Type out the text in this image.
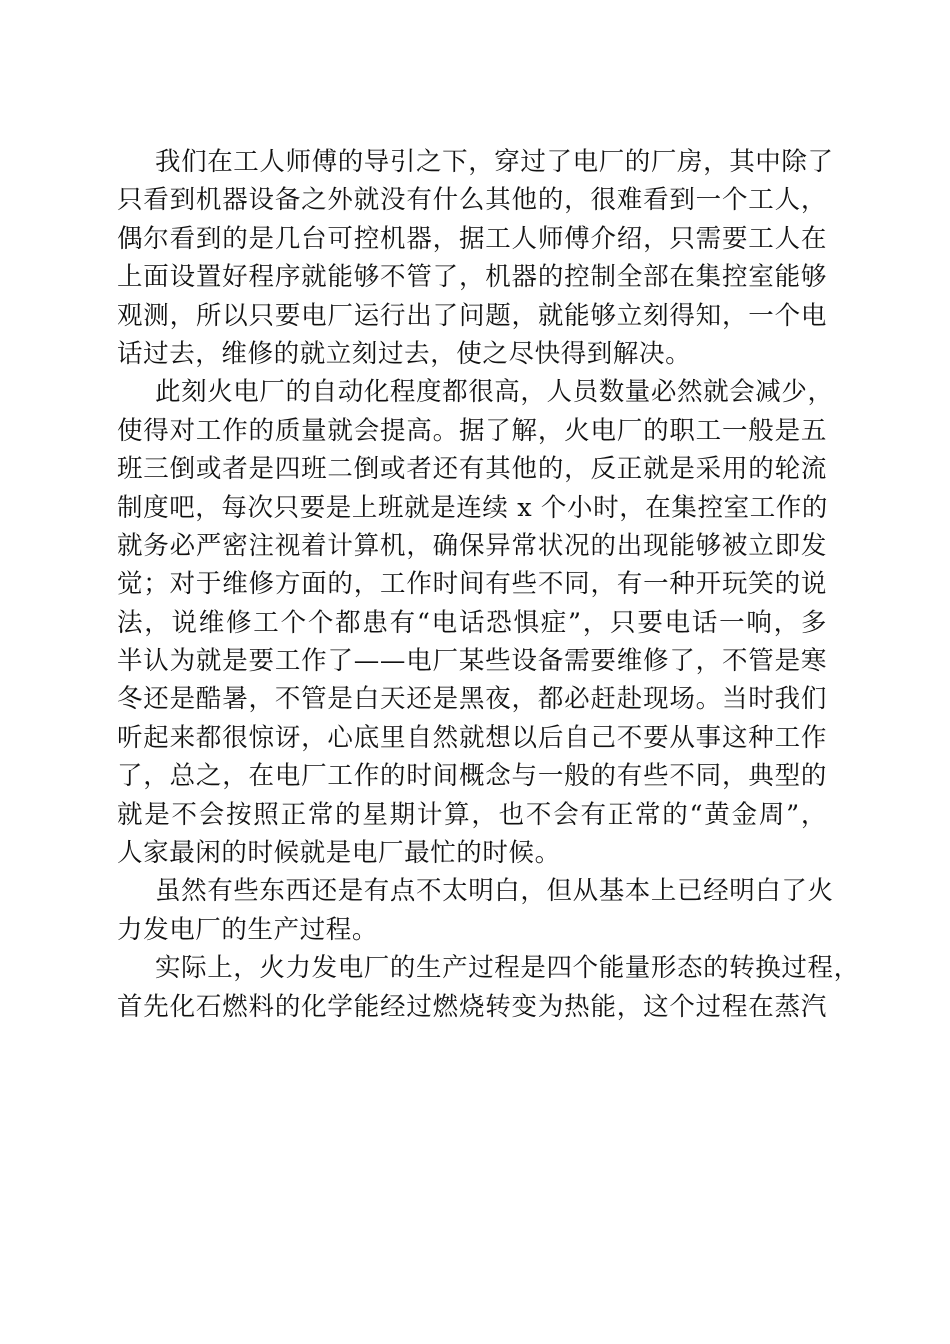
我们在工人师傅的导引之下，穿过了电厂的厂房，其中除了
只看到机器设备之外就没有什么其他的，很难看到一个工人，
偶尔看到的是几台可控机器，据工人师傅介绍，只需要工人在
上面设置好程序就能够不管了，机器的控制全部在集控室能够
观测，所以只要电厂运行出了问题，就能够立刻得知，一个电
话过去，维修的就立刻过去，使之尽快得到解决。
此刻火电厂的自动化程度都很高，人员数量必然就会减少，
使得对工作的质量就会提高。据了解，火电厂的职工一般是五
班三倒或者是四班二倒或者还有其他的，反正就是采用的轮流
制度吧，每次只要是上班就是连续 x 个小时，在集控室工作的
就务必严密注视着计算机，确保异常状况的出现能够被立即发
觉；对于维修方面的，工作时间有些不同，有一种开玩笑的说
法，说维修工个个都患有“电话恐惧症”，只要电话一响，多
半认为就是要工作了——电厂某些设备需要维修了，不管是寒
冬还是酷暑，不管是白天还是黑夜，都必赶赴现场。当时我们
听起来都很惊讶，心底里自然就想以后自己不要从事这种工作
了，总之，在电厂工作的时间概念与一般的有些不同，典型的
就是不会按照正常的星期计算，也不会有正常的“黄金周”，
人家最闲的时候就是电厂最忙的时候。
虽然有些东西还是有点不太明白，但从基本上已经明白了火
力发电厂的生产过程。
实际上，火力发电厂的生产过程是四个能量形态的转换过程，
首先化石燃料的化学能经过燃烧转变为热能，这个过程在蒸汽
